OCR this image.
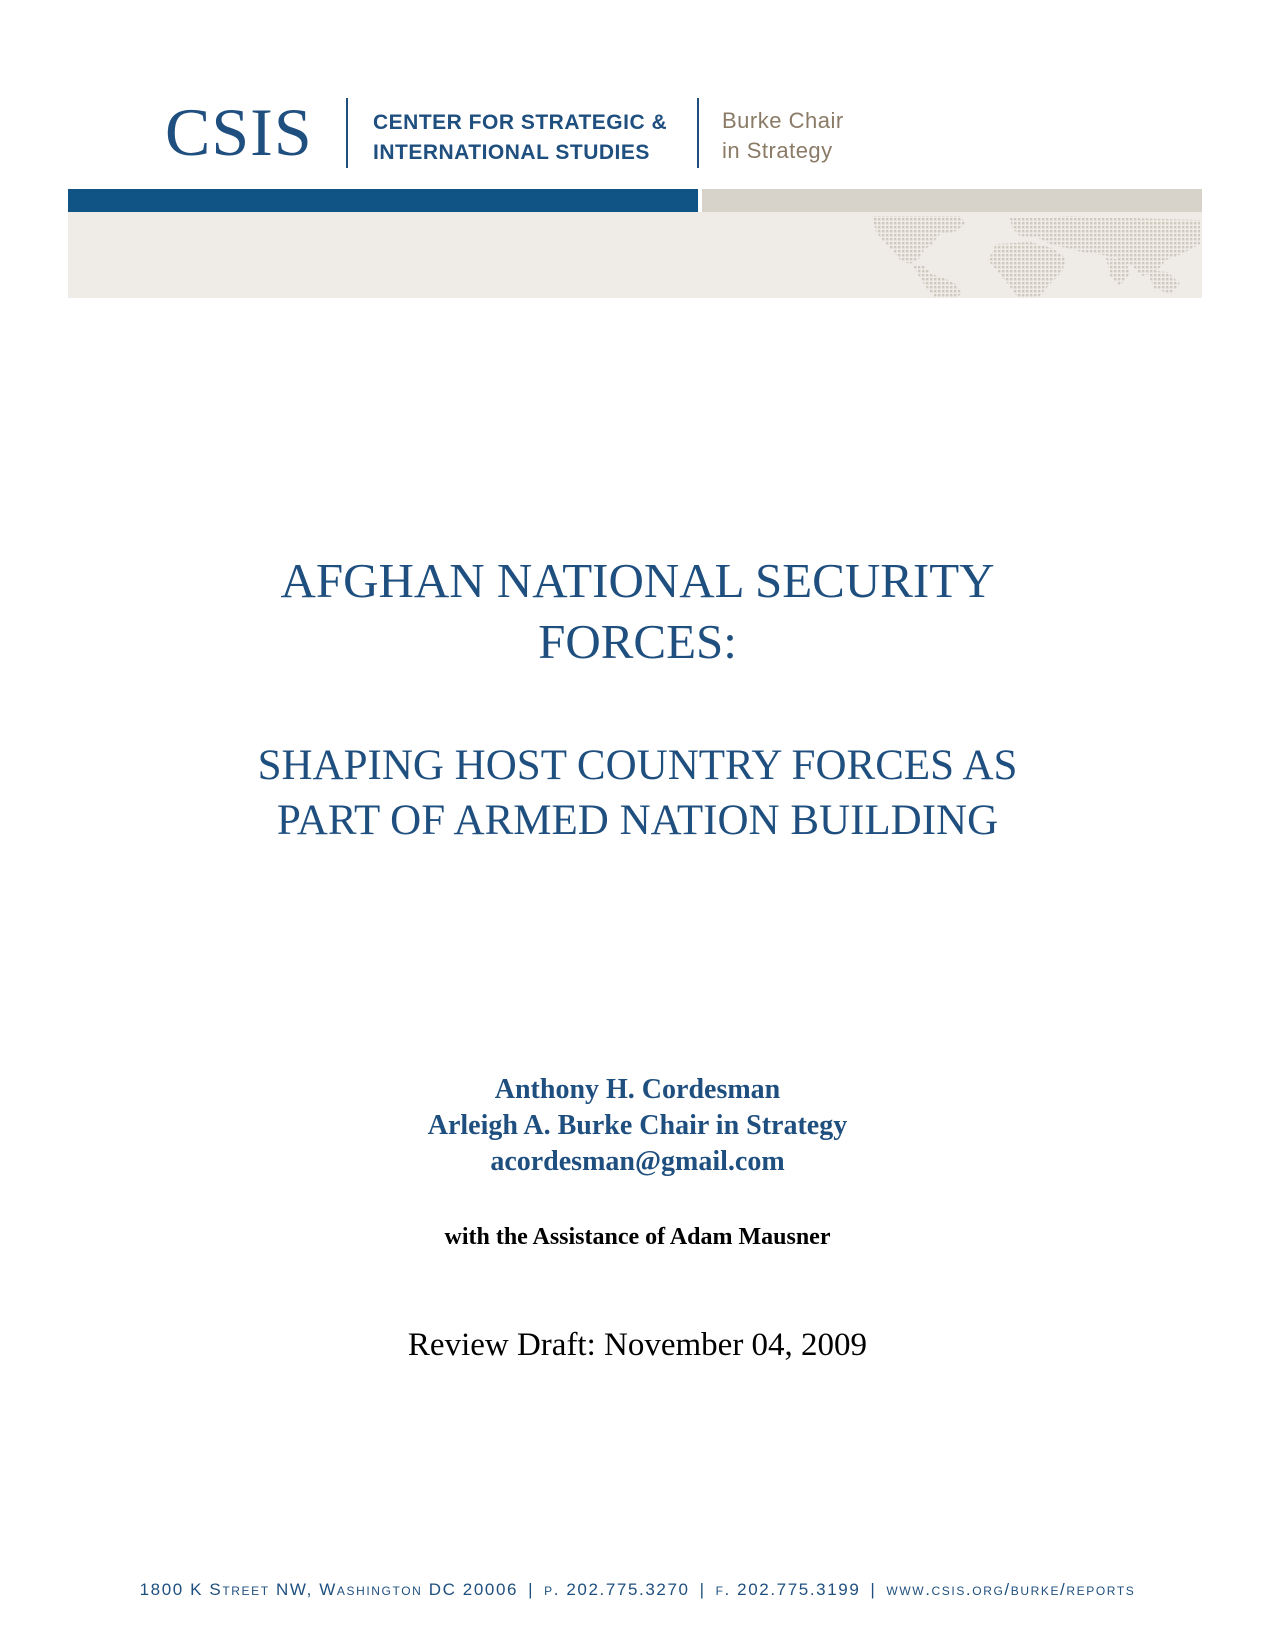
CSIS	CENTER FOR STRATEGIC &
INTERNATIONAL STUDIES
Burke Chair
in Strategy
AFGHAN NATIONAL SECURITY
FORCES:
SHAPING HOST COUNTRY FORCES AS
PART OF ARMED NATION BUILDING
Anthony H. Cordesman
Arleigh A. Burke Chair in Strategy
acordesman@gmail.com
with the Assistance of Adam Mausner
Review Draft: November 04, 2009
1800 K Street NW, Washington DC 20006 | p. 202.775.3270 | f. 202.775.3199 | www.csis.org/burke/reports
